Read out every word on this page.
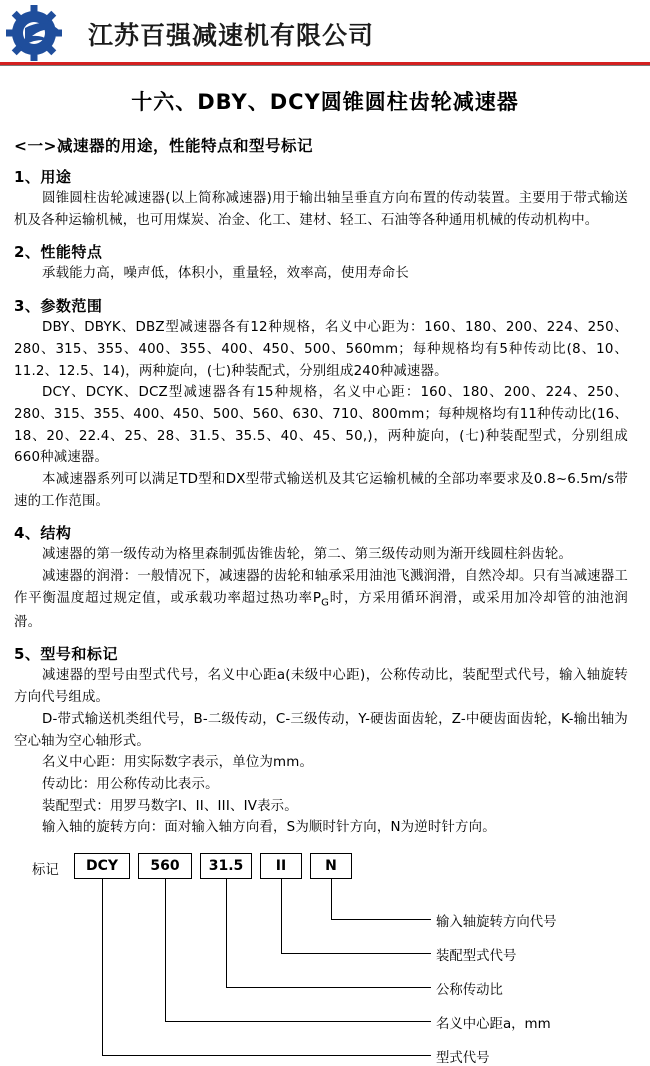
江苏百强减速机有限公司
十六、DBY、DCY圆锥圆柱齿轮减速器
<一>减速器的用途，性能特点和型号标记
1、用途

圆锥圆柱齿轮减速器(以上简称减速器)用于输出轴呈垂直方向布置的传动装置。主要用于带式输送机及各种运输机械，也可用煤炭、冶金、化工、建材、轻工、石油等各种通用机械的传动机构中。

2、性能特点

承载能力高，噪声低，体积小，重量轻，效率高，使用寿命长

3、参数范围

DBY、DBYK、DBZ型减速器各有12种规格，名义中心距为：160、180、200、224、250、280、315、355、400、355、400、450、500、560mm；每种规格均有5种传动比(8、10、11.2、12.5、14)，两种旋向，(七)种装配式，分别组成240种减速器。

DCY、DCYK、DCZ型减速器各有15种规格，名义中心距：160、180、200、224、250、280、315、355、400、450、500、560、630、710、800mm；每种规格均有11种传动比(16、18、20、22.4、25、28、31.5、35.5、40、45、50,)，两种旋向，(七)种装配型式，分别组成660种减速器。

本减速器系列可以满足TD型和DX型带式输送机及其它运输机械的全部功率要求及0.8~6.5m/s带速的工作范围。

4、结构

减速器的第一级传动为格里森制弧齿锥齿轮，第二、第三级传动则为渐开线圆柱斜齿轮。

减速器的润滑：一般情况下，减速器的齿轮和轴承采用油池飞溅润滑，自然冷却。只有当减速器工作平衡温度超过规定值，或承载功率超过热功率$P_G$时，方采用循环润滑，或采用加冷却管的油池润滑。

5、型号和标记

减速器的型号由型式代号，名义中心距a(未级中心距)，公称传动比，装配型式代号，输入轴旋转方向代号组成。

D-带式输送机类组代号，B-二级传动，C-三级传动，Y-硬齿面齿轮，Z-中硬齿面齿轮，K-输出轴为空心轴为空心轴形式。

名义中心距：用实际数字表示，单位为mm。

传动比：用公称传动比表示。

装配型式：用罗马数字I、II、III、IV表示。

输入轴的旋转方向：面对输入轴方向看，S为顺时针方向，N为逆时针方向。

标记	DCY	560	31.5	II	N
输入轴旋转方向代号
装配型式代号
公称传动比
名义中心距a，mm
型式代号
